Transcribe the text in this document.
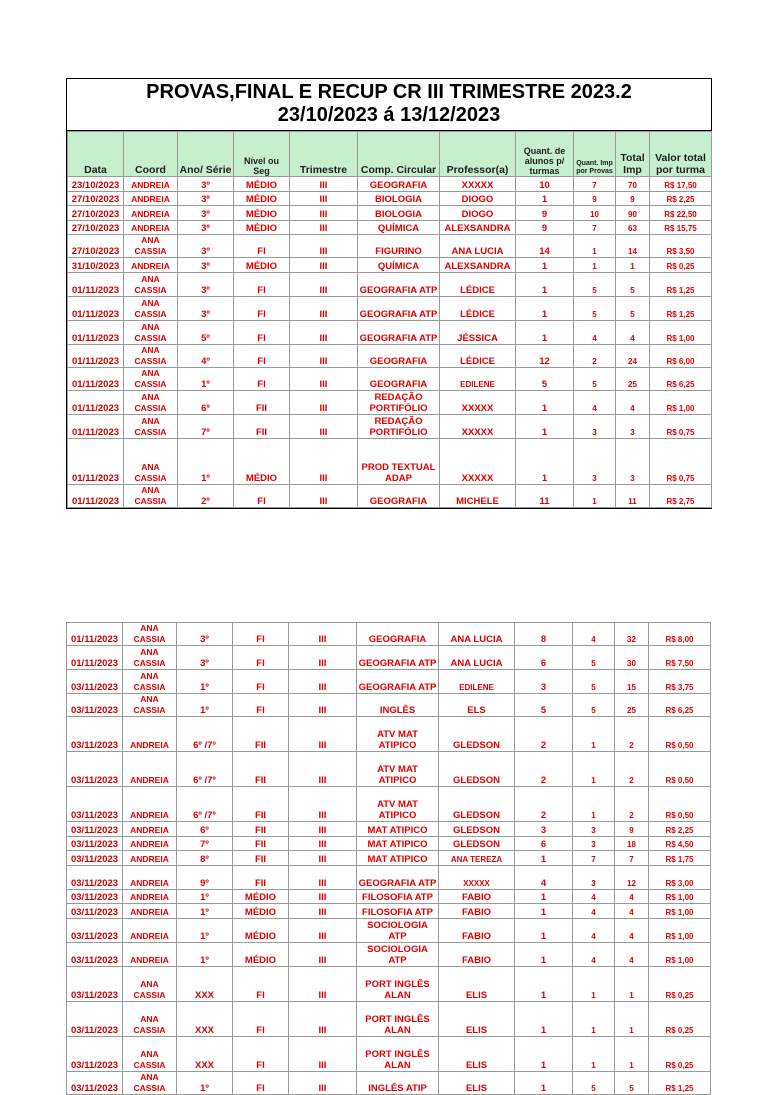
PROVAS,FINAL E RECUP CR III TRIMESTRE 2023.2
23/10/2023 á 13/12/2023
Data	Coord	Ano/ Série	Nível ou Seg	Trimestre	Comp. Circular	Professor(a)	Quant. de alunos p/ turmas	Quant. Imp por Provas	Total Imp	Valor total por turma
23/10/2023	ANDREIA	3º	MÉDIO	III	GEOGRAFIA	XXXXX	10	7	70	R$ 17,50
27/10/2023	ANDREIA	3º	MÉDIO	III	BIOLOGIA	DIOGO	1	9	9	R$ 2,25
27/10/2023	ANDREIA	3º	MÉDIO	III	BIOLOGIA	DIOGO	9	10	90	R$ 22,50
27/10/2023	ANDREIA	3º	MÉDIO	III	QUÍMICA	ALEXSANDRA	9	7	63	R$ 15,75
27/10/2023	ANA CASSIA	3º	FI	III	FIGURINO	ANA LUCIA	14	1	14	R$ 3,50
31/10/2023	ANDREIA	3º	MÉDIO	III	QUÍMICA	ALEXSANDRA	1	1	1	R$ 0,25
01/11/2023	ANA CASSIA	3º	FI	III	GEOGRAFIA ATP	LÉDICE	1	5	5	R$ 1,25
01/11/2023	ANA CASSIA	3º	FI	III	GEOGRAFIA ATP	LÉDICE	1	5	5	R$ 1,25
01/11/2023	ANA CASSIA	5º	FI	III	GEOGRAFIA ATP	JÉSSICA	1	4	4	R$ 1,00
01/11/2023	ANA CASSIA	4º	FI	III	GEOGRAFIA	LÉDICE	12	2	24	R$ 6,00
01/11/2023	ANA CASSIA	1º	FI	III	GEOGRAFIA	EDILENE	5	5	25	R$ 6,25
01/11/2023	ANA CASSIA	6º	FII	III	REDAÇÃO PORTIFÓLIO	XXXXX	1	4	4	R$ 1,00
01/11/2023	ANA CASSIA	7º	FII	III	REDAÇÃO PORTIFÓLIO	XXXXX	1	3	3	R$ 0,75
01/11/2023	ANA CASSIA	1º	MÉDIO	III	PROD TEXTUAL ADAP	XXXXX	1	3	3	R$ 0,75
01/11/2023	ANA CASSIA	2º	FI	III	GEOGRAFIA	MICHELE	11	1	11	R$ 2,75
01/11/2023	ANA CASSIA	3º	FI	III	GEOGRAFIA	ANA LUCIA	8	4	32	R$ 8,00
01/11/2023	ANA CASSIA	3º	FI	III	GEOGRAFIA ATP	ANA LUCIA	6	5	30	R$ 7,50
03/11/2023	ANA CASSIA	1º	FI	III	GEOGRAFIA ATP	EDILENE	3	5	15	R$ 3,75
03/11/2023	ANA CASSIA	1º	FI	III	INGLÊS	ELS	5	5	25	R$ 6,25
03/11/2023	ANDREIA	6º /7º	FII	III	ATV MAT ATIPICO	GLEDSON	2	1	2	R$ 0,50
03/11/2023	ANDREIA	6º /7º	FII	III	ATV MAT ATIPICO	GLEDSON	2	1	2	R$ 0,50
03/11/2023	ANDREIA	6º /7º	FII	III	ATV MAT ATIPICO	GLEDSON	2	1	2	R$ 0,50
03/11/2023	ANDREIA	6º	FII	III	MAT ATIPICO	GLEDSON	3	3	9	R$ 2,25
03/11/2023	ANDREIA	7º	FII	III	MAT ATIPICO	GLEDSON	6	3	18	R$ 4,50
03/11/2023	ANDREIA	8º	FII	III	MAT ATIPICO	ANA TEREZA	1	7	7	R$ 1,75
03/11/2023	ANDREIA	9º	FII	III	GEOGRAFIA ATP	XXXXX	4	3	12	R$ 3,00
03/11/2023	ANDREIA	1º	MÉDIO	III	FILOSOFIA ATP	FABIO	1	4	4	R$ 1,00
03/11/2023	ANDREIA	1º	MÉDIO	III	FILOSOFIA ATP	FABIO	1	4	4	R$ 1,00
03/11/2023	ANDREIA	1º	MÉDIO	III	SOCIOLOGIA ATP	FABIO	1	4	4	R$ 1,00
03/11/2023	ANDREIA	1º	MÉDIO	III	SOCIOLOGIA ATP	FABIO	1	4	4	R$ 1,00
03/11/2023	ANA CASSIA	XXX	FI	III	PORT INGLÊS ALAN	ELIS	1	1	1	R$ 0,25
03/11/2023	ANA CASSIA	XXX	FI	III	PORT INGLÊS ALAN	ELIS	1	1	1	R$ 0,25
03/11/2023	ANA CASSIA	XXX	FI	III	PORT INGLÊS ALAN	ELIS	1	1	1	R$ 0,25
03/11/2023	ANA CASSIA	1º	FI	III	INGLÊS ATIP	ELIS	1	5	5	R$ 1,25
